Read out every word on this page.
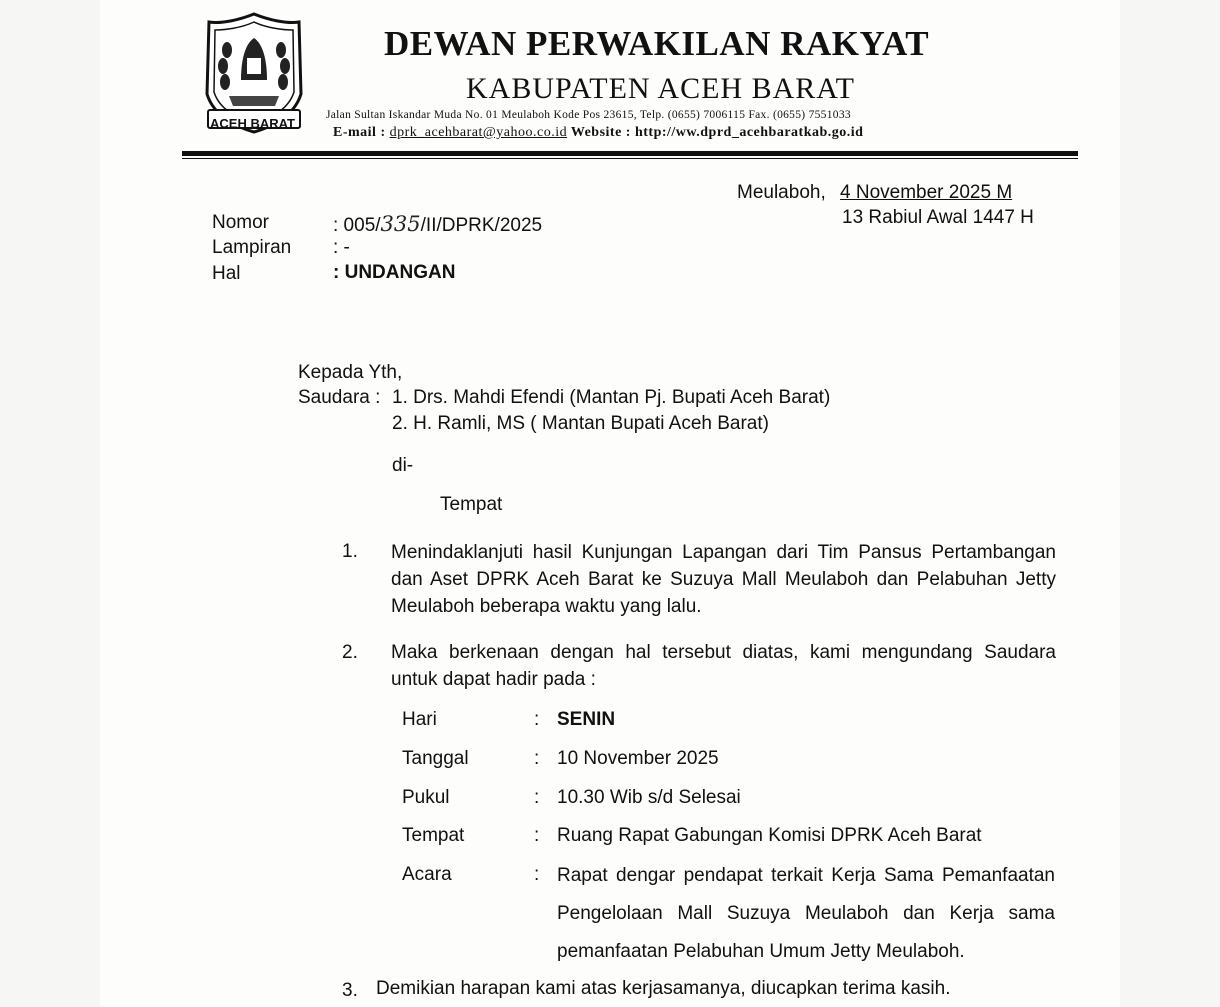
ACEH BARAT
DEWAN PERWAKILAN RAKYAT
KABUPATEN ACEH BARAT
Jalan Sultan Iskandar Muda No. 01 Meulaboh Kode Pos 23615, Telp. (0655) 7006115 Fax. (0655) 7551033
E-mail : dprk_acehbarat@yahoo.co.id Website : http://ww.dprd_acehbaratkab.go.id
Meulaboh, 4 November 2025 M
13 Rabiul Awal 1447 H
Nomor	: 005/335/II/DPRK/2025
Lampiran : -
Hal	: UNDANGAN
Kepada Yth,
Saudara : 1. Drs. Mahdi Efendi (Mantan Pj. Bupati Aceh Barat)
2. H. Ramli, MS ( Mantan Bupati Aceh Barat)
di-
Tempat
1. Menindaklanjuti hasil Kunjungan Lapangan dari Tim Pansus Pertambangan
dan Aset DPRK Aceh Barat ke Suzuya Mall Meulaboh dan Pelabuhan Jetty
Meulaboh beberapa waktu yang lalu.
2. Maka berkenaan dengan hal tersebut diatas, kami mengundang Saudara
untuk dapat hadir pada :
Hari	: SENIN
Tanggal	: 10 November 2025
Pukul	: 10.30 Wib s/d Selesai
Tempat	: Ruang Rapat Gabungan Komisi DPRK Aceh Barat
Acara	: Rapat dengar pendapat terkait Kerja Sama Pemanfaatan
Pengelolaan Mall Suzuya Meulaboh dan Kerja sama
pemanfaatan Pelabuhan Umum Jetty Meulaboh.
3. Demikian harapan kami atas kerjasamanya, diucapkan terima kasih.
